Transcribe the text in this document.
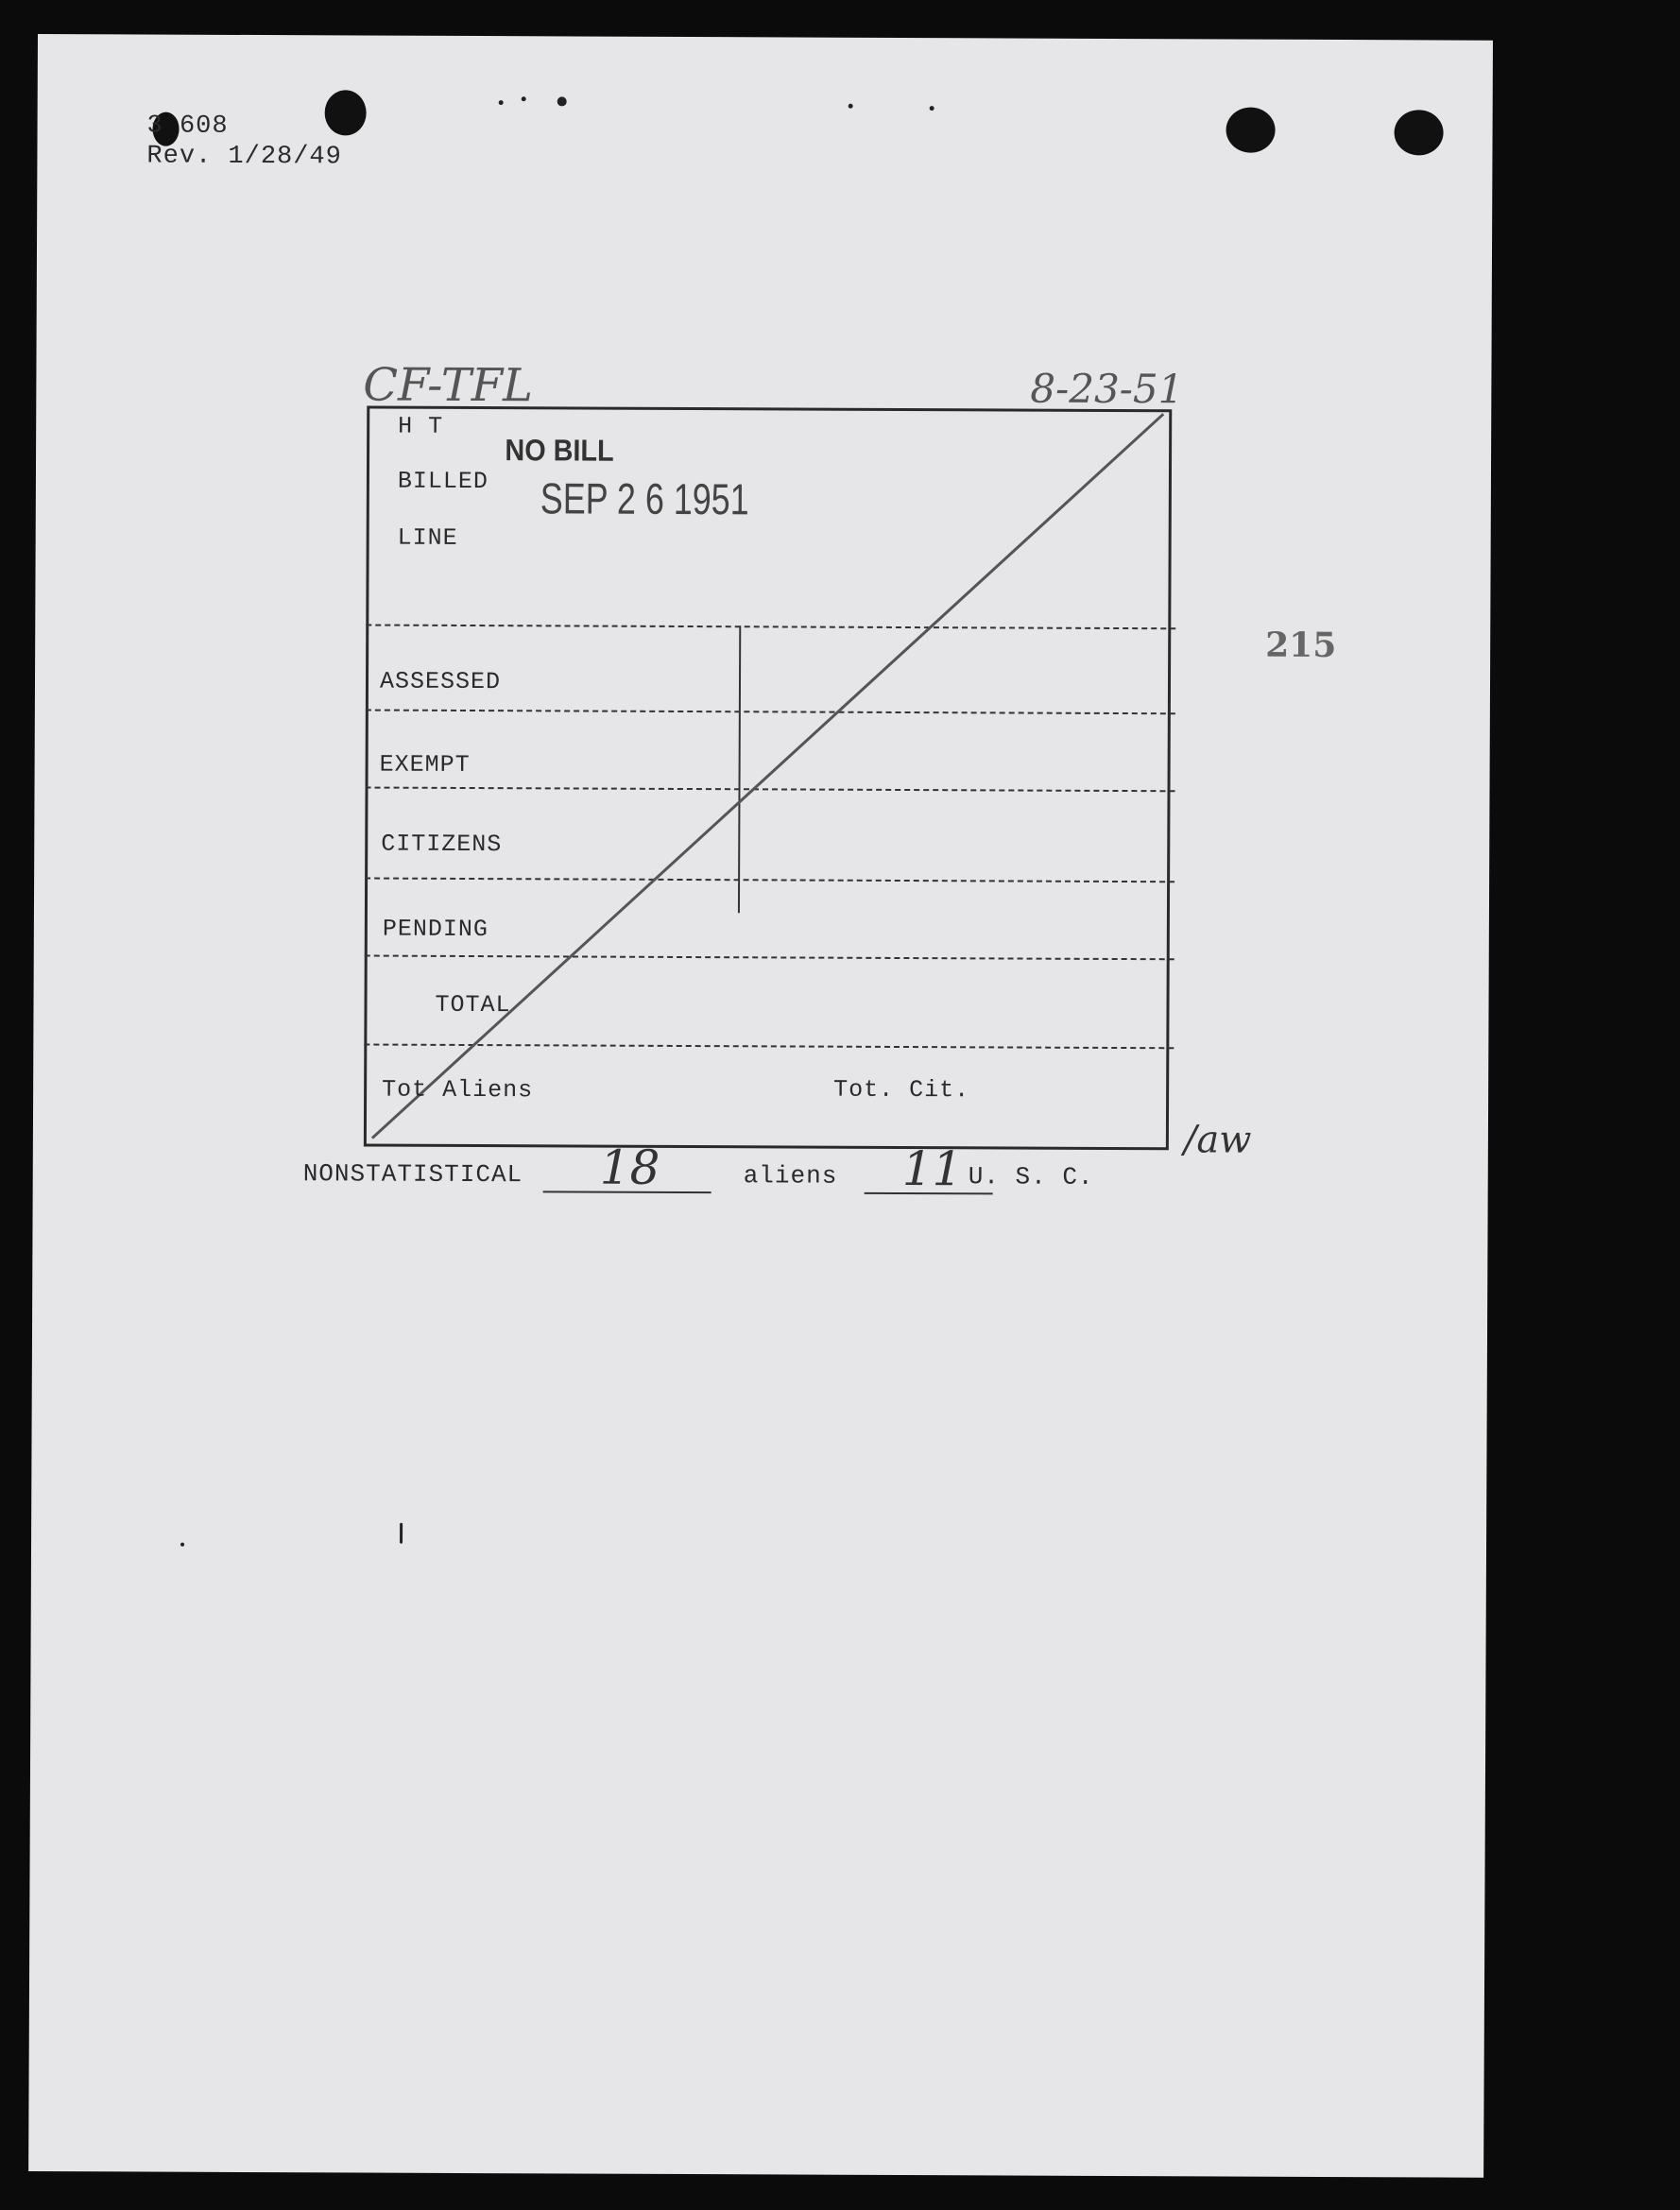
3 608
Rev. 1/28/49
CF-TFL	8-23-51
215
/aw
NO BILL
SEP 2 6 1951
H T
BILLED
LINE
ASSESSED
EXEMPT
CITIZENS
PENDING
TOTAL
Tot Aliens	Tot. Cit.
NONSTATISTICAL 18	aliens 11 U. S. C.
